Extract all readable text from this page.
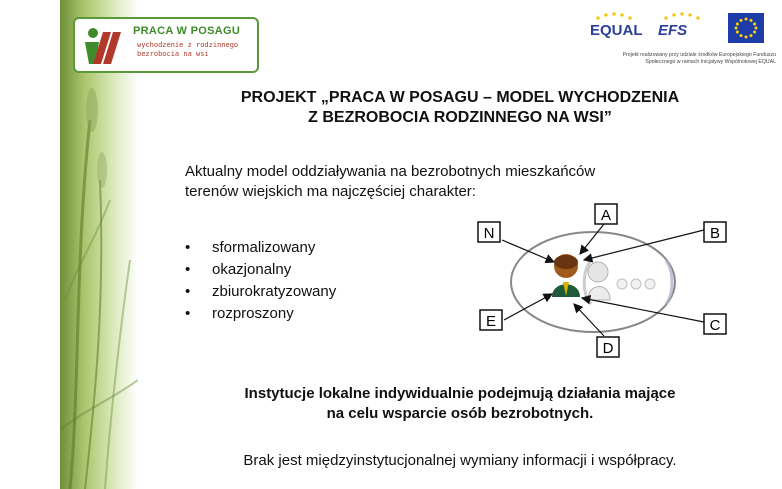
PRACA W POSAGU
wychodzenie z rodzinnego
bezrobocia na wsi
EQUAL EFS
Projekt realizowany przy udziale środków Europejskiego Funduszu
Społecznego w ramach Inicjatywy Wspólnotowej EQUAL
PROJEKT „PRACA W POSAGU – MODEL WYCHODZENIA
Z BEZROBOCIA RODZINNEGO NA WSI”
Aktualny model oddziaływania na bezrobotnych mieszkańców
terenów wiejskich ma najczęściej charakter:
• sformalizowany
• okazjonalny
• zbiurokratyzowany
• rozproszony
N
A
B
C
D
E
Instytucje lokalne indywidualnie podejmują działania mające
na celu wsparcie osób bezrobotnych.
Brak jest międzyinstytucjonalnej wymiany informacji i współpracy.
